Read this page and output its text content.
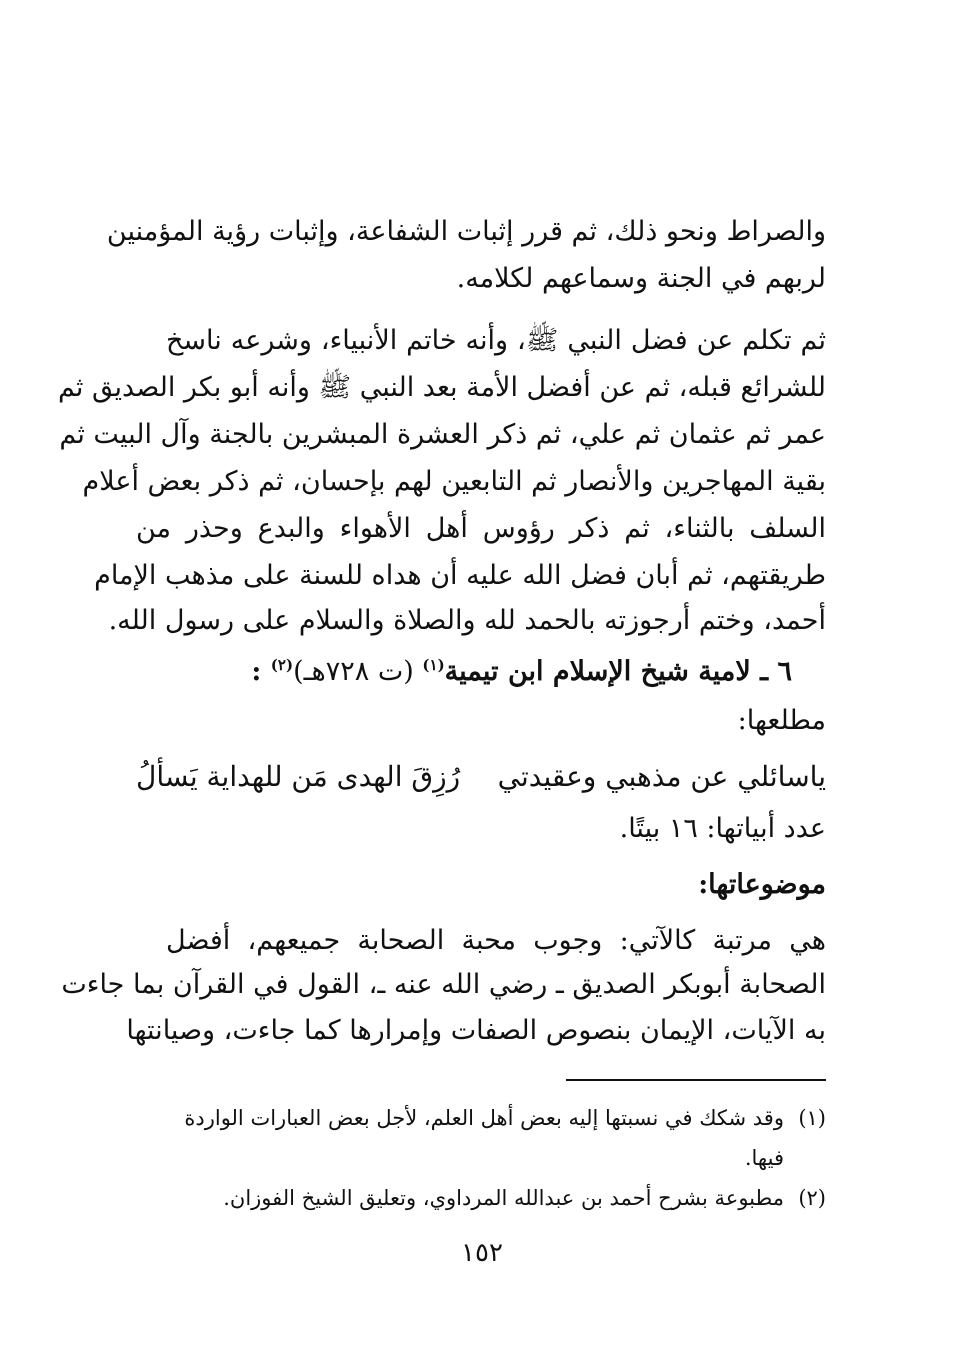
والصراط ونحو ذلك، ثم قرر إثبات الشفاعة، وإثبات رؤية المؤمنين
لربهم في الجنة وسماعهم لكلامه.
ثم تكلم عن فضل النبي ﷺ، وأنه خاتم الأنبياء، وشرعه ناسخ
للشرائع قبله، ثم عن أفضل الأمة بعد النبي ﷺ وأنه أبو بكر الصديق ثم
عمر ثم عثمان ثم علي، ثم ذكر العشرة المبشرين بالجنة وآل البيت ثم
بقية المهاجرين والأنصار ثم التابعين لهم بإحسان، ثم ذكر بعض أعلام
السلف بالثناء، ثم ذكر رؤوس أهل الأهواء والبدع وحذر من
طريقتهم، ثم أبان فضل الله عليه أن هداه للسنة على مذهب الإمام
أحمد، وختم أرجوزته بالحمد لله والصلاة والسلام على رسول الله.
٦ ـ لامية شيخ الإسلام ابن تيمية$^{(١)}$ (ت ٧٢٨هـ)$^{(٢)}$ :
مطلعها:
ياسائلي عن مذهبي وعقيدتي
رُزِقَ الهدى مَن للهداية يَسألُ
عدد أبياتها: ١٦ بيتًا.
موضوعاتها:
هي مرتبة كالآتي: وجوب محبة الصحابة جميعهم، أفضل
الصحابة أبوبكر الصديق ـ رضي الله عنه ـ، القول في القرآن بما جاءت
به الآيات، الإيمان بنصوص الصفات وإمرارها كما جاءت، وصيانتها
(١)وقد شكك في نسبتها إليه بعض أهل العلم، لأجل بعض العبارات الواردة
فيها.
(٢)مطبوعة بشرح أحمد بن عبدالله المرداوي، وتعليق الشيخ الفوزان.
١٥٢
